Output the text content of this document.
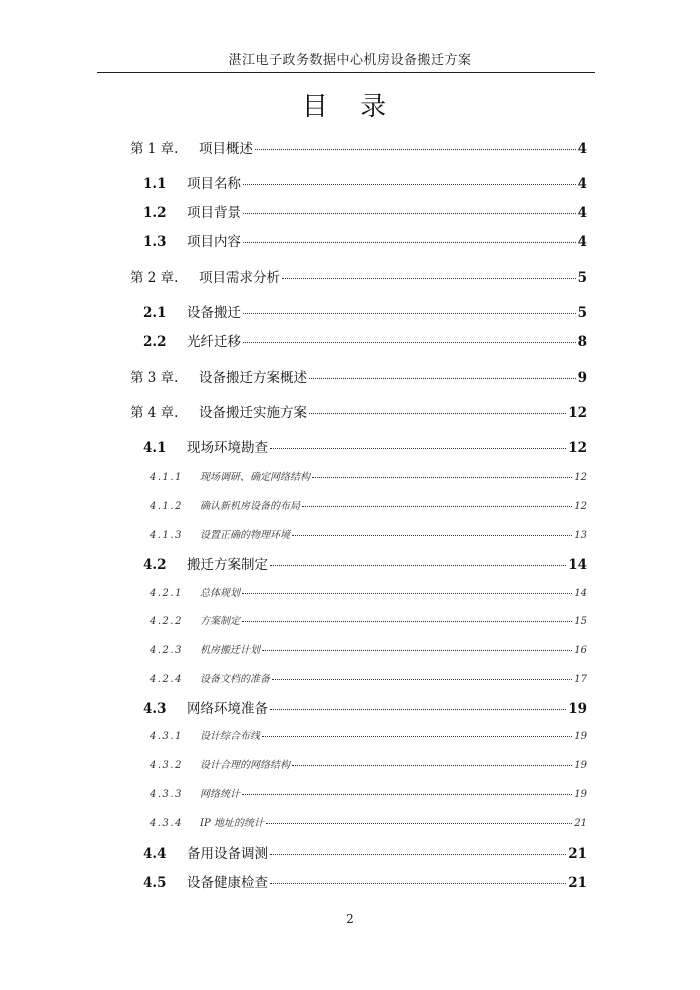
湛江电子政务数据中心机房设备搬迁方案
目 录
第 1 章.	项目概述	4
1.1	项目名称	4
1.2	项目背景	4
1.3	项目内容	4
第 2 章.	项目需求分析	5
2.1	设备搬迁	5
2.2	光纤迁移	8
第 3 章.	设备搬迁方案概述	9
第 4 章.	设备搬迁实施方案	12
4.1	现场环境勘查	12
4.1.1	现场调研、确定网络结构	12
4.1.2	确认新机房设备的布局	12
4.1.3	设置正确的物理环境	13
4.2	搬迁方案制定	14
4.2.1	总体规划	14
4.2.2	方案制定	15
4.2.3	机房搬迁计划	16
4.2.4	设备文档的准备	17
4.3	网络环境准备	19
4.3.1	设计综合布线	19
4.3.2	设计合理的网络结构	19
4.3.3	网络统计	19
4.3.4	IP 地址的统计	21
4.4	备用设备调测	21
4.5	设备健康检查	21
2
